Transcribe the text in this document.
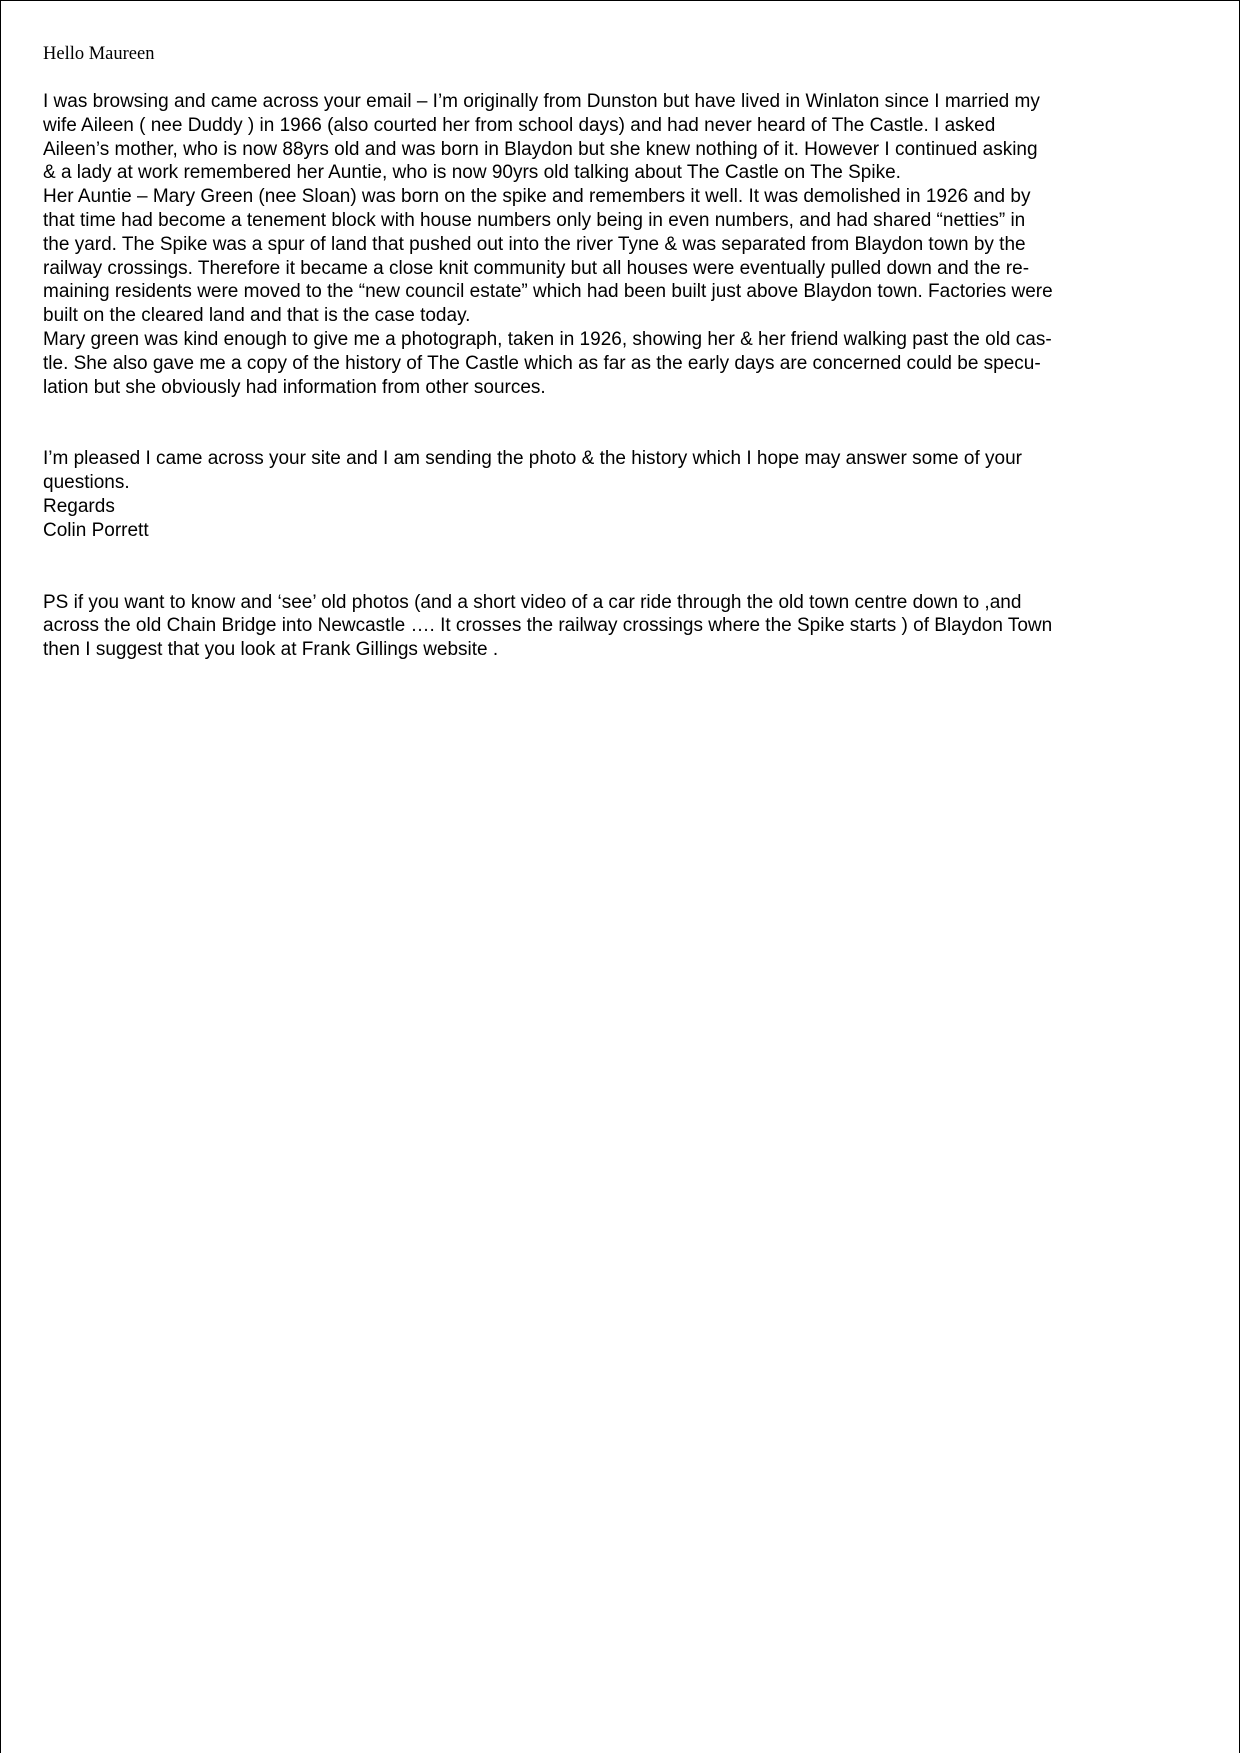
Hello Maureen

I was browsing and came across your email – I’m originally from Dunston but have lived in Winlaton since I married my
wife Aileen ( nee Duddy ) in 1966 (also courted her from school days) and had never heard of The Castle. I asked
Aileen’s mother, who is now 88yrs old and was born in Blaydon but she knew nothing of it. However I continued asking
& a lady at work remembered her Auntie, who is now 90yrs old talking about The Castle on The Spike.
Her Auntie – Mary Green (nee Sloan) was born on the spike and remembers it well. It was demolished in 1926 and by
that time had become a tenement block with house numbers only being in even numbers, and had shared “netties” in
the yard. The Spike was a spur of land that pushed out into the river Tyne & was separated from Blaydon town by the
railway crossings. Therefore it became a close knit community but all houses were eventually pulled down and the re-
maining residents were moved to the “new council estate” which had been built just above Blaydon town. Factories were
built on the cleared land and that is the case today.
Mary green was kind enough to give me a photograph, taken in 1926, showing her & her friend walking past the old cas-
tle. She also gave me a copy of the history of The Castle which as far as the early days are concerned could be specu-
lation but she obviously had information from other sources.
I’m pleased I came across your site and I am sending the photo & the history which I hope may answer some of your
questions.
Regards
Colin Porrett
PS if you want to know and ‘see’ old photos (and a short video of a car ride through the old town centre down to ,and
across the old Chain Bridge into Newcastle …. It crosses the railway crossings where the Spike starts ) of Blaydon Town
then I suggest that you look at Frank Gillings website .
